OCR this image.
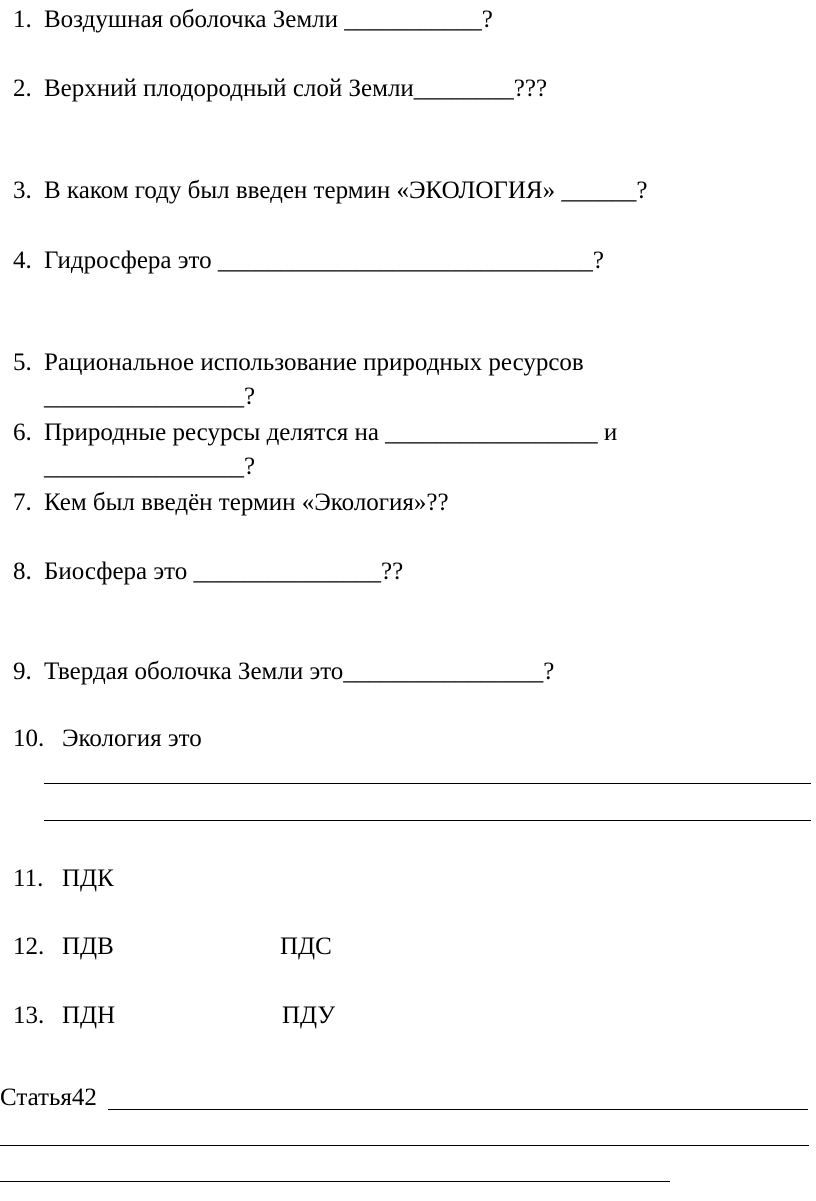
1. Воздушная оболочка Земли ___________?
2. Верхний плодородный слой Земли________???
3. В каком году был введен термин «ЭКОЛОГИЯ» ______?
4. Гидросфера это ______________________________?
5. Рациональное использование природных ресурсов
________________?
6. Природные ресурсы делятся на _________________ и
________________?
7. Кем был введён термин «Экология»??
8. Биосфера это _______________??
9. Твердая оболочка Земли это________________?
10. Экология это
11. ПДК
12. ПДВ	ПДС
13. ПДН	ПДУ
Статья42
